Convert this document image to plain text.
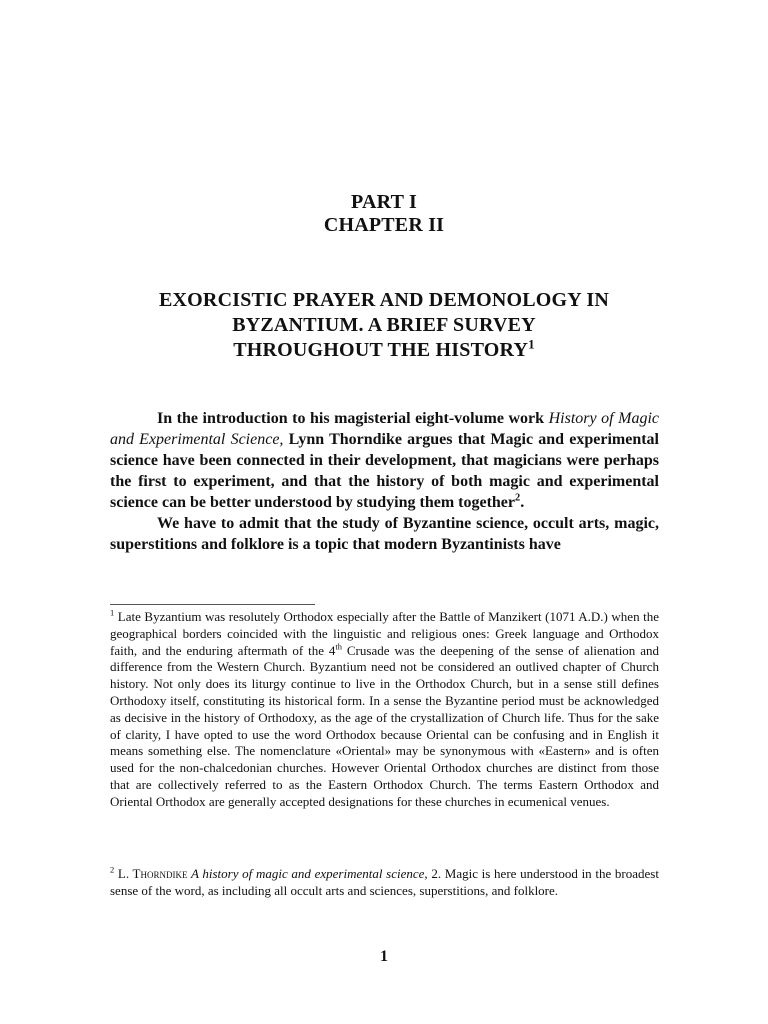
PART I
CHAPTER II
EXORCISTIC PRAYER AND DEMONOLOGY IN
BYZANTIUM. A BRIEF SURVEY
THROUGHOUT THE HISTORY$^1$

In the introduction to his magisterial eight-volume work History of Magic and Experimental Science, Lynn Thorndike argues that Magic and experimental science have been connected in their development, that magicians were perhaps the first to experiment, and that the history of both magic and experimental science can be better understood by studying them together$^2$.

We have to admit that the study of Byzantine science, occult arts, magic, superstitions and folklore is a topic that modern Byzantinists have

$^1$ Late Byzantium was resolutely Orthodox especially after the Battle of Manzikert (1071 A.D.) when the geographical borders coincided with the linguistic and religious ones: Greek language and Orthodox faith, and the enduring aftermath of the 4th Crusade was the deepening of the sense of alienation and difference from the Western Church. Byzantium need not be considered an outlived chapter of Church history. Not only does its liturgy continue to live in the Orthodox Church, but in a sense still defines Orthodoxy itself, constituting its historical form. In a sense the Byzantine period must be acknowledged as decisive in the history of Orthodoxy, as the age of the crystallization of Church life. Thus for the sake of clarity, I have opted to use the word Orthodox because Oriental can be confusing and in English it means something else. The nomenclature «Oriental» may be synonymous with «Eastern» and is often used for the non-chalcedonian churches. However Oriental Orthodox churches are distinct from those that are collectively referred to as the Eastern Orthodox Church. The terms Eastern Orthodox and Oriental Orthodox are generally accepted designations for these churches in ecumenical venues.
$^2$ L. Thorndike A history of magic and experimental science, 2. Magic is here understood in the broadest sense of the word, as including all occult arts and sciences, superstitions, and folklore.
1
